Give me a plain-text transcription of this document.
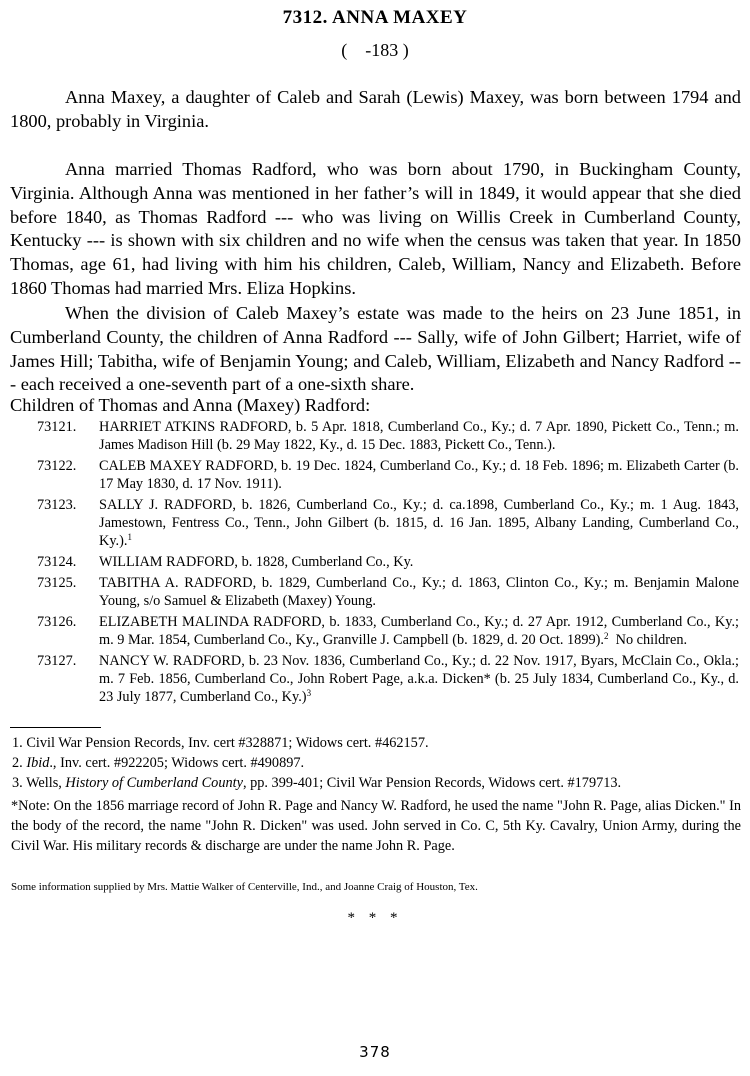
7312. ANNA MAXEY
(    -183 )

Anna Maxey, a daughter of Caleb and Sarah (Lewis) Maxey, was born between 1794 and 1800, probably in Virginia.

Anna married Thomas Radford, who was born about 1790, in Buckingham County, Virginia. Although Anna was mentioned in her father’s will in 1849, it would appear that she died before 1840, as Thomas Radford --- who was living on Willis Creek in Cumberland County, Kentucky --- is shown with six children and no wife when the census was taken that year. In 1850 Thomas, age 61, had living with him his children, Caleb, William, Nancy and Elizabeth. Before 1860 Thomas had married Mrs. Eliza Hopkins.

When the division of Caleb Maxey’s estate was made to the heirs on 23 June 1851, in Cumberland County, the children of Anna Radford --- Sally, wife of John Gilbert; Harriet, wife of James Hill; Tabitha, wife of Benjamin Young; and Caleb, William, Elizabeth and Nancy Radford --- each received a one-seventh part of a one-sixth share.

Children of Thomas and Anna (Maxey) Radford:
73121. HARRIET ATKINS RADFORD, b. 5 Apr. 1818, Cumberland Co., Ky.; d. 7 Apr. 1890, Pickett Co., Tenn.; m. James Madison Hill (b. 29 May 1822, Ky., d. 15 Dec. 1883, Pickett Co., Tenn.).
73122. CALEB MAXEY RADFORD, b. 19 Dec. 1824, Cumberland Co., Ky.; d. 18 Feb. 1896; m. Elizabeth Carter (b. 17 May 1830, d. 17 Nov. 1911).
73123. SALLY J. RADFORD, b. 1826, Cumberland Co., Ky.; d. ca.1898, Cumberland Co., Ky.; m. 1 Aug. 1843, Jamestown, Fentress Co., Tenn., John Gilbert (b. 1815, d. 16 Jan. 1895, Albany Landing, Cumberland Co., Ky.).$^1$
73124. WILLIAM RADFORD, b. 1828, Cumberland Co., Ky.
73125. TABITHA A. RADFORD, b. 1829, Cumberland Co., Ky.; d. 1863, Clinton Co., Ky.; m. Benjamin Malone Young, s/o Samuel & Elizabeth (Maxey) Young.
73126. ELIZABETH MALINDA RADFORD, b. 1833, Cumberland Co., Ky.; d. 27 Apr. 1912, Cumberland Co., Ky.; m. 9 Mar. 1854, Cumberland Co., Ky., Granville J. Campbell (b. 1829, d. 20 Oct. 1899).$^2$  No children.
73127. NANCY W. RADFORD, b. 23 Nov. 1836, Cumberland Co., Ky.; d. 22 Nov. 1917, Byars, McClain Co., Okla.; m. 7 Feb. 1856, Cumberland Co., John Robert Page, a.k.a. Dicken* (b. 25 July 1834, Cumberland Co., Ky., d. 23 July 1877, Cumberland Co., Ky.)$^3$
1. Civil War Pension Records, Inv. cert #328871; Widows cert. #462157.
2. Ibid., Inv. cert. #922205; Widows cert. #490897.
3. Wells, History of Cumberland County, pp. 399-401; Civil War Pension Records, Widows cert. #179713.
*Note: On the 1856 marriage record of John R. Page and Nancy W. Radford, he used the name "John R. Page, alias Dicken." In the body of the record, the name "John R. Dicken" was used. John served in Co. C, 5th Ky. Cavalry, Union Army, during the Civil War. His military records & discharge are under the name John R. Page.
Some information supplied by Mrs. Mattie Walker of Centerville, Ind., and Joanne Craig of Houston, Tex.
* * *
378
